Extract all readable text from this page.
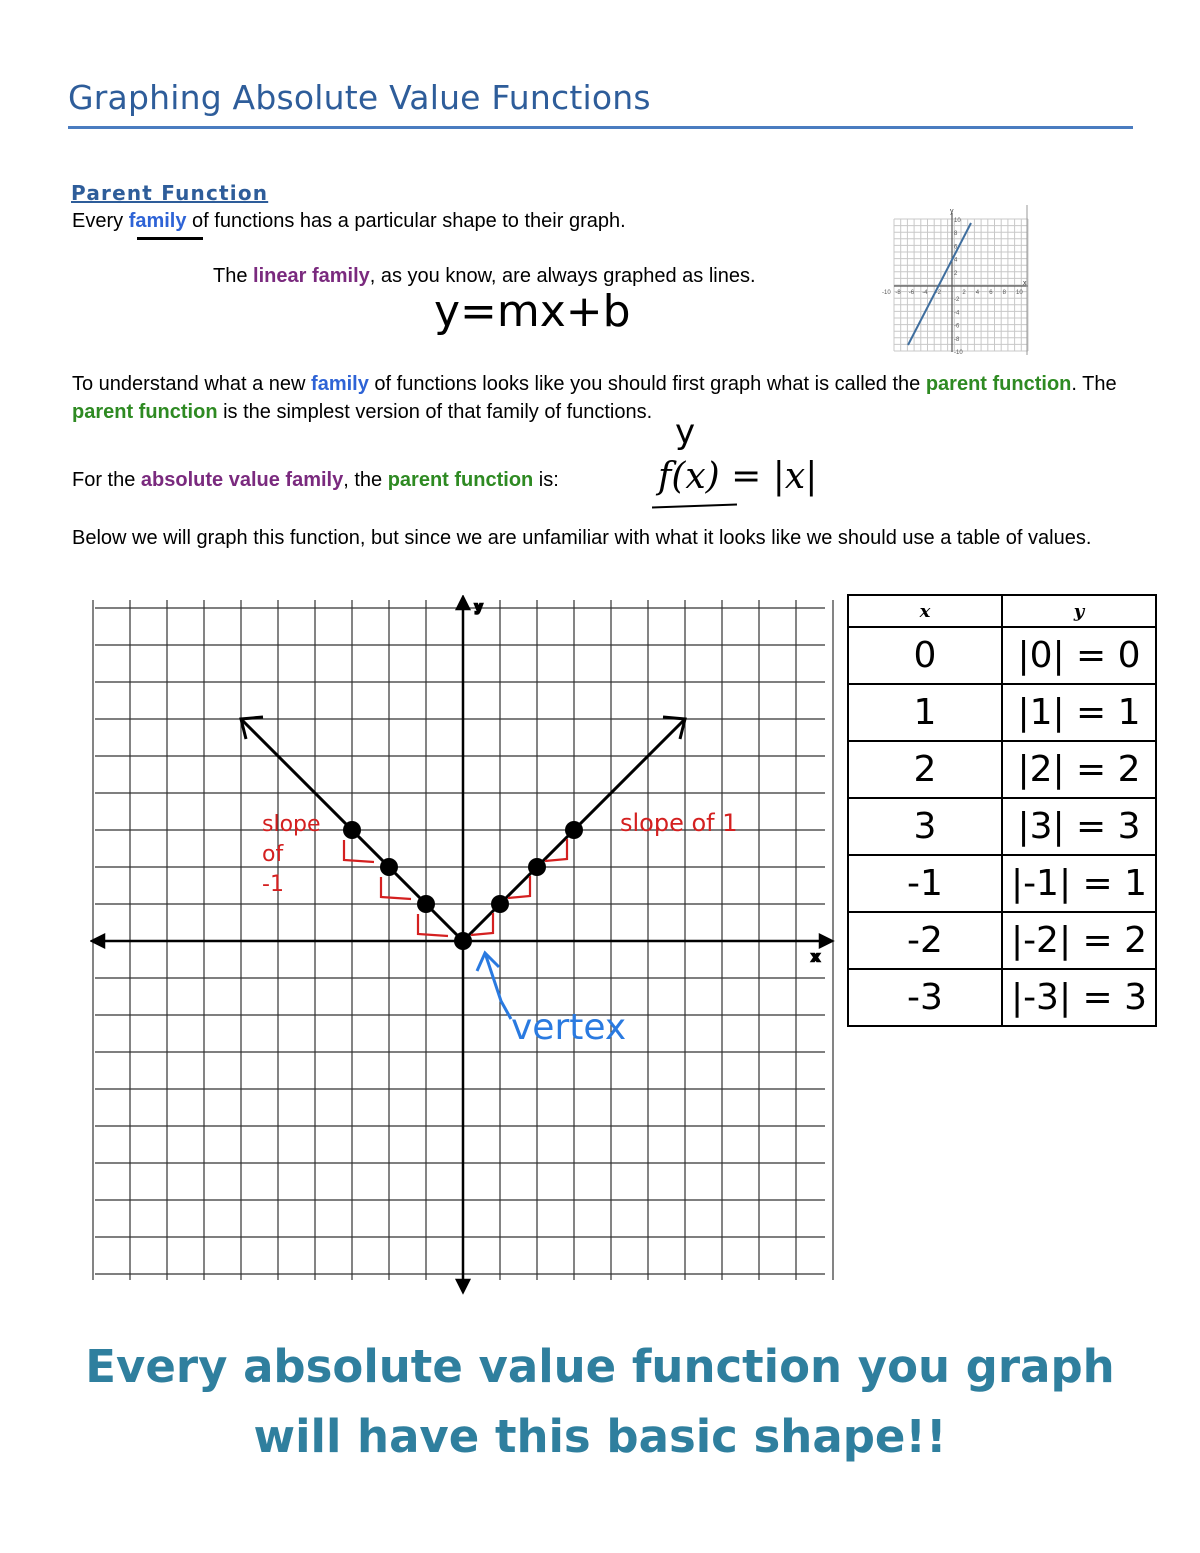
Graphing Absolute Value Functions
Parent Function
Every family of functions has a particular shape to their graph.
The linear family, as you know, are always graphed as lines.
y=mx+b
y
x
-10 -8 -6 -4 -2	2 4 6 8 10
10
8
6
4
2
-2
-4
-6
-8
-10
To understand what a new family of functions looks like you should first graph what is called the parent function. The parent function is the simplest version of that family of functions. y
For the absolute value family, the parent function is:	f(x) = |x|
Below we will graph this function, but since we are unfamiliar with what it looks like we should use a table of values.
x
y
slope
of
-1
slope of 1
vertex
x	y
0	|0| = 0
1	|1| = 1
2	|2| = 2
3	|3| = 3
-1	|-1| = 1
-2	|-2| = 2
-3	|-3| = 3
Every absolute value function you graph
will have this basic shape!!
